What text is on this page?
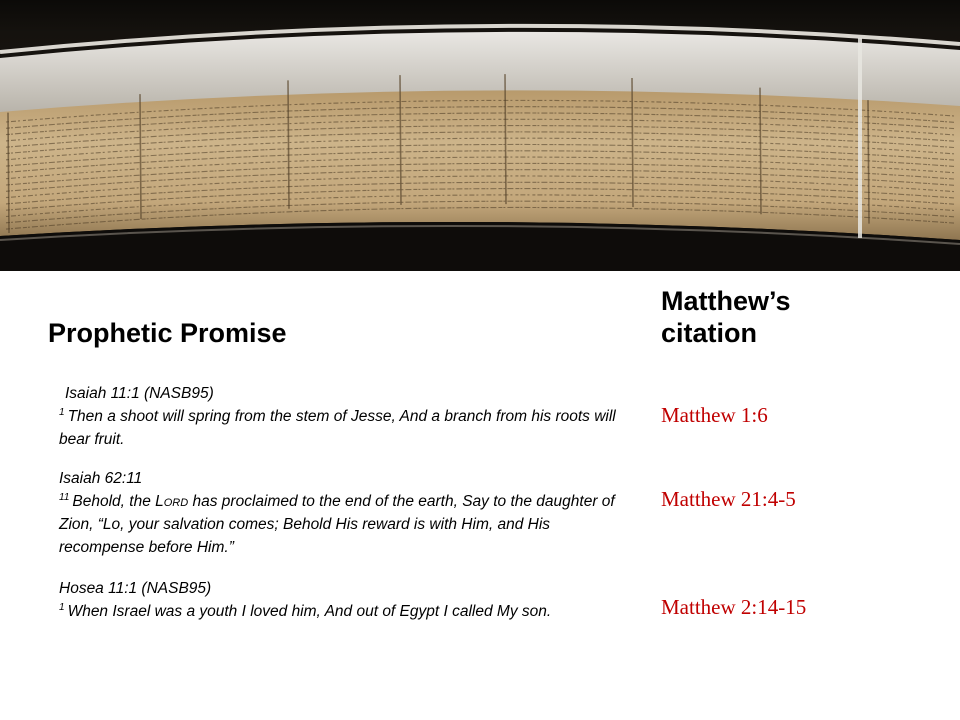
Prophetic Promise
Matthew’s citation
Isaiah 11:1 (NASB95)
$^1$ Then a shoot will spring from the stem of Jesse, And a branch from his roots will bear fruit.
Isaiah 62:11
$^{11}$ Behold, the Lord has proclaimed to the end of the earth, Say to the daughter of Zion, “Lo, your salvation comes; Behold His reward is with Him, and His recompense before Him.”
Hosea 11:1 (NASB95)
$^1$ When Israel was a youth I loved him, And out of Egypt I called My son.
Matthew 1:6
Matthew 21:4-5
Matthew 2:14-15
